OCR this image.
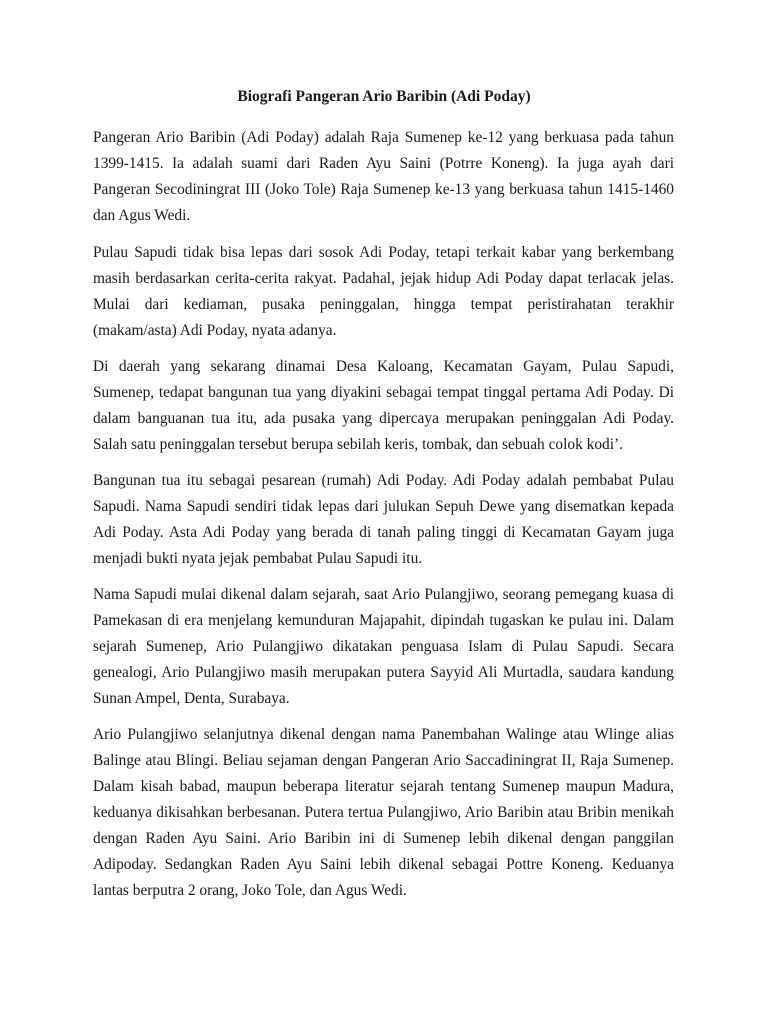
Biografi Pangeran Ario Baribin (Adi Poday)

Pangeran Ario Baribin (Adi Poday) adalah Raja Sumenep ke-12 yang berkuasa pada tahun
1399-1415. Ia adalah suami dari Raden Ayu Saini (Potrre Koneng). Ia juga ayah dari
Pangeran Secodiningrat III (Joko Tole) Raja Sumenep ke-13 yang berkuasa tahun 1415-1460
dan Agus Wedi.

Pulau Sapudi tidak bisa lepas dari sosok Adi Poday, tetapi terkait kabar yang berkembang
masih berdasarkan cerita-cerita rakyat. Padahal, jejak hidup Adi Poday dapat terlacak jelas.
Mulai dari kediaman, pusaka peninggalan, hingga tempat peristirahatan terakhir
(makam/asta) Adi Poday, nyata adanya.

Di daerah yang sekarang dinamai Desa Kaloang, Kecamatan Gayam, Pulau Sapudi,
Sumenep, tedapat bangunan tua yang diyakini sebagai tempat tinggal pertama Adi Poday. Di
dalam banguanan tua itu, ada pusaka yang dipercaya merupakan peninggalan Adi Poday.
Salah satu peninggalan tersebut berupa sebilah keris, tombak, dan sebuah colok kodi’.

Bangunan tua itu sebagai pesarean (rumah) Adi Poday. Adi Poday adalah pembabat Pulau
Sapudi. Nama Sapudi sendiri tidak lepas dari julukan Sepuh Dewe yang disematkan kepada
Adi Poday. Asta Adi Poday yang berada di tanah paling tinggi di Kecamatan Gayam juga
menjadi bukti nyata jejak pembabat Pulau Sapudi itu.

Nama Sapudi mulai dikenal dalam sejarah, saat Ario Pulangjiwo, seorang pemegang kuasa di
Pamekasan di era menjelang kemunduran Majapahit, dipindah tugaskan ke pulau ini. Dalam
sejarah Sumenep, Ario Pulangjiwo dikatakan penguasa Islam di Pulau Sapudi. Secara
genealogi, Ario Pulangjiwo masih merupakan putera Sayyid Ali Murtadla, saudara kandung
Sunan Ampel, Denta, Surabaya.

Ario Pulangjiwo selanjutnya dikenal dengan nama Panembahan Walinge atau Wlinge alias
Balinge atau Blingi. Beliau sejaman dengan Pangeran Ario Saccadiningrat II, Raja Sumenep.
Dalam kisah babad, maupun beberapa literatur sejarah tentang Sumenep maupun Madura,
keduanya dikisahkan berbesanan. Putera tertua Pulangjiwo, Ario Baribin atau Bribin menikah
dengan Raden Ayu Saini. Ario Baribin ini di Sumenep lebih dikenal dengan panggilan
Adipoday. Sedangkan Raden Ayu Saini lebih dikenal sebagai Pottre Koneng. Keduanya
lantas berputra 2 orang, Joko Tole, dan Agus Wedi.
